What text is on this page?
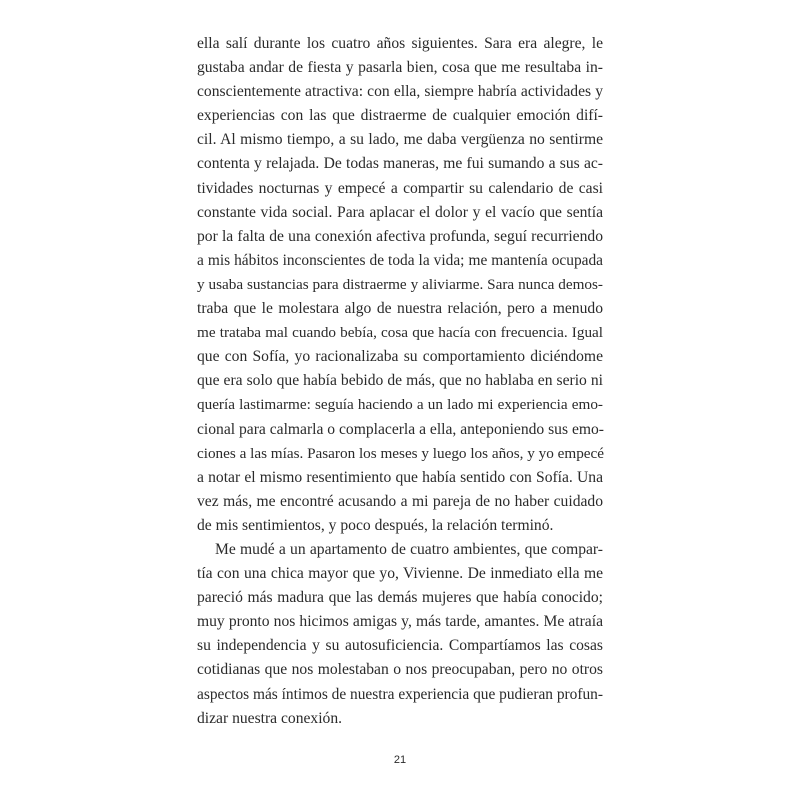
ella salí durante los cuatro años siguientes. Sara era alegre, le
gustaba andar de fiesta y pasarla bien, cosa que me resultaba in-
conscientemente atractiva: con ella, siempre habría actividades y
experiencias con las que distraerme de cualquier emoción difí-
cil. Al mismo tiempo, a su lado, me daba vergüenza no sentirme
contenta y relajada. De todas maneras, me fui sumando a sus ac-
tividades nocturnas y empecé a compartir su calendario de casi
constante vida social. Para aplacar el dolor y el vacío que sentía
por la falta de una conexión afectiva profunda, seguí recurriendo
a mis hábitos inconscientes de toda la vida; me mantenía ocupada
y usaba sustancias para distraerme y aliviarme. Sara nunca demos-
traba que le molestara algo de nuestra relación, pero a menudo
me trataba mal cuando bebía, cosa que hacía con frecuencia. Igual
que con Sofía, yo racionalizaba su comportamiento diciéndome
que era solo que había bebido de más, que no hablaba en serio ni
quería lastimarme: seguía haciendo a un lado mi experiencia emo-
cional para calmarla o complacerla a ella, anteponiendo sus emo-
ciones a las mías. Pasaron los meses y luego los años, y yo empecé
a notar el mismo resentimiento que había sentido con Sofía. Una
vez más, me encontré acusando a mi pareja de no haber cuidado
de mis sentimientos, y poco después, la relación terminó.
Me mudé a un apartamento de cuatro ambientes, que compar-
tía con una chica mayor que yo, Vivienne. De inmediato ella me
pareció más madura que las demás mujeres que había conocido;
muy pronto nos hicimos amigas y, más tarde, amantes. Me atraía
su independencia y su autosuficiencia. Compartíamos las cosas
cotidianas que nos molestaban o nos preocupaban, pero no otros
aspectos más íntimos de nuestra experiencia que pudieran profun-
dizar nuestra conexión.
21
